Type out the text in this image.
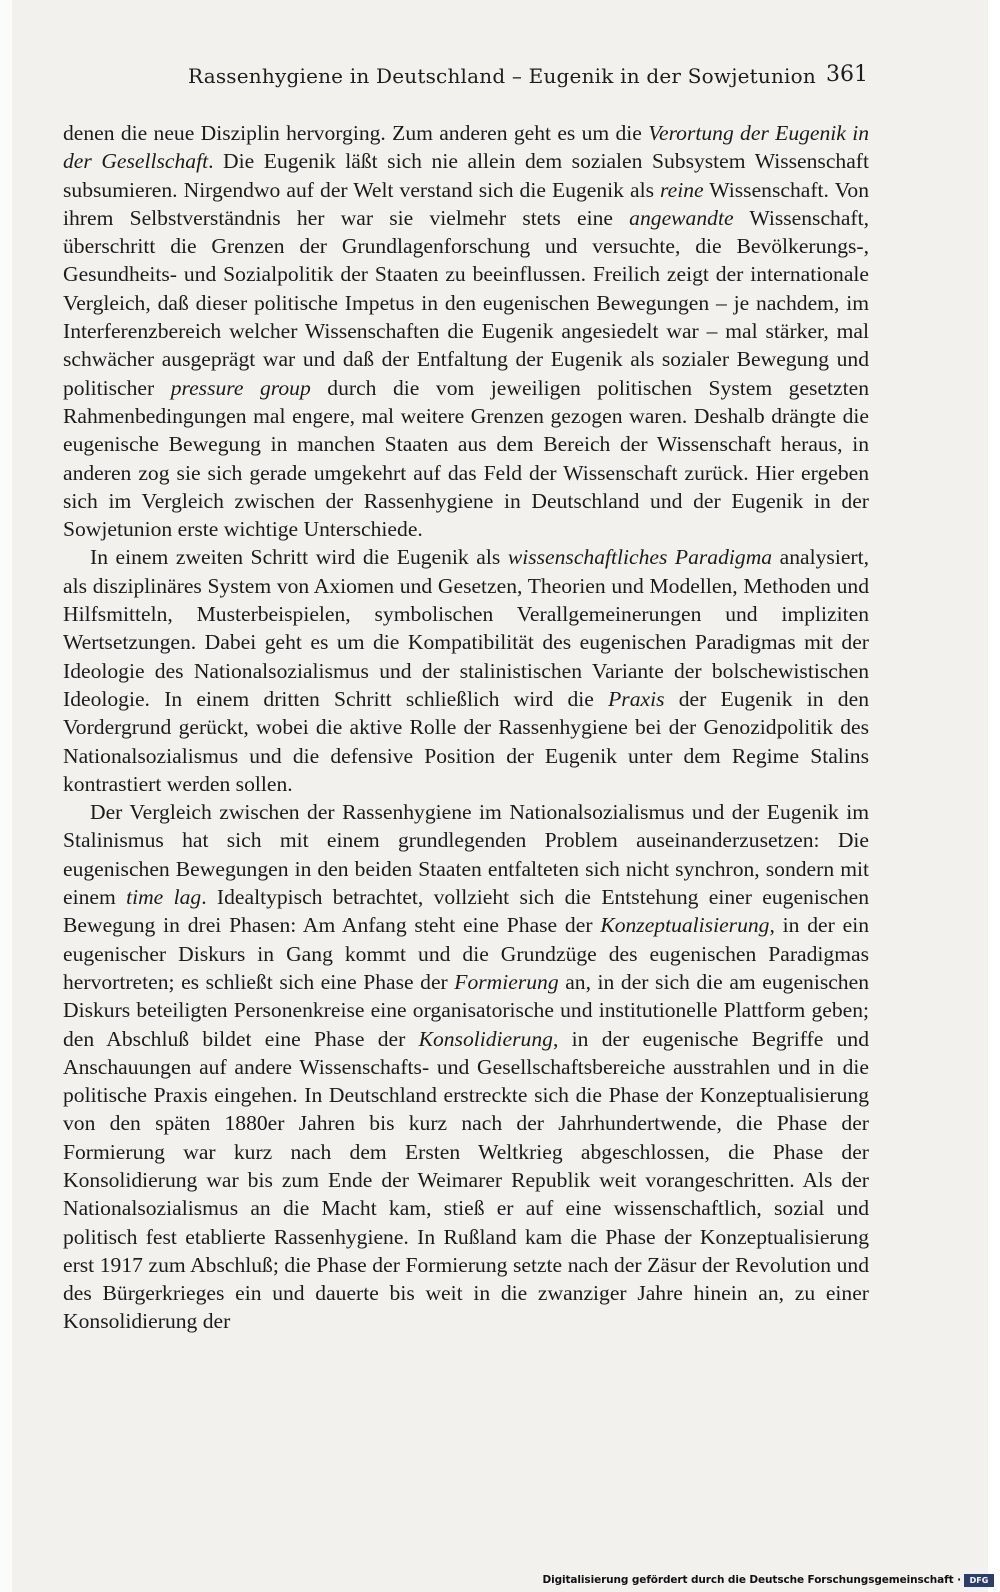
Rassenhygiene in Deutschland – Eugenik in der Sowjetunion 361

denen die neue Disziplin hervorging. Zum anderen geht es um die Verortung der Eugenik in der Gesellschaft. Die Eugenik läßt sich nie allein dem sozialen Subsystem Wissenschaft subsumieren. Nirgendwo auf der Welt verstand sich die Eugenik als reine Wissenschaft. Von ihrem Selbstverständnis her war sie vielmehr stets eine angewandte Wissenschaft, überschritt die Grenzen der Grundlagenforschung und versuchte, die Bevölkerungs-, Gesundheits- und Sozialpolitik der Staaten zu beeinflussen. Freilich zeigt der internationale Vergleich, daß dieser politische Impetus in den eugenischen Bewegungen – je nachdem, im Interferenzbereich welcher Wissenschaften die Eugenik angesiedelt war – mal stärker, mal schwächer ausgeprägt war und daß der Entfaltung der Eugenik als sozialer Bewegung und politischer pressure group durch die vom jeweiligen politischen System gesetzten Rahmenbedingungen mal engere, mal weitere Grenzen gezogen waren. Deshalb drängte die eugenische Bewegung in manchen Staaten aus dem Bereich der Wissenschaft heraus, in anderen zog sie sich gerade umgekehrt auf das Feld der Wissenschaft zurück. Hier ergeben sich im Vergleich zwischen der Rassenhygiene in Deutschland und der Eugenik in der Sowjetunion erste wichtige Unterschiede.

In einem zweiten Schritt wird die Eugenik als wissenschaftliches Paradigma analysiert, als disziplinäres System von Axiomen und Gesetzen, Theorien und Modellen, Methoden und Hilfsmitteln, Musterbeispielen, symbolischen Verallgemeinerungen und impliziten Wertsetzungen. Dabei geht es um die Kompatibilität des eugenischen Paradigmas mit der Ideologie des Nationalsozialismus und der stalinistischen Variante der bolschewistischen Ideologie. In einem dritten Schritt schließlich wird die Praxis der Eugenik in den Vordergrund gerückt, wobei die aktive Rolle der Rassenhygiene bei der Genozidpolitik des Nationalsozialismus und die defensive Position der Eugenik unter dem Regime Stalins kontrastiert werden sollen.

Der Vergleich zwischen der Rassenhygiene im Nationalsozialismus und der Eugenik im Stalinismus hat sich mit einem grundlegenden Problem auseinanderzusetzen: Die eugenischen Bewegungen in den beiden Staaten entfalteten sich nicht synchron, sondern mit einem time lag. Idealtypisch betrachtet, vollzieht sich die Entstehung einer eugenischen Bewegung in drei Phasen: Am Anfang steht eine Phase der Konzeptualisierung, in der ein eugenischer Diskurs in Gang kommt und die Grundzüge des eugenischen Paradigmas hervortreten; es schließt sich eine Phase der Formierung an, in der sich die am eugenischen Diskurs beteiligten Personenkreise eine organisatorische und institutionelle Plattform geben; den Abschluß bildet eine Phase der Konsolidierung, in der eugenische Begriffe und Anschauungen auf andere Wissenschafts- und Gesellschaftsbereiche ausstrahlen und in die politische Praxis eingehen. In Deutschland erstreckte sich die Phase der Konzeptualisierung von den späten 1880er Jahren bis kurz nach der Jahrhundertwende, die Phase der Formierung war kurz nach dem Ersten Weltkrieg abgeschlossen, die Phase der Konsolidierung war bis zum Ende der Weimarer Republik weit vorangeschritten. Als der Nationalsozialismus an die Macht kam, stieß er auf eine wissenschaftlich, sozial und politisch fest etablierte Rassenhygiene. In Rußland kam die Phase der Konzeptualisierung erst 1917 zum Abschluß; die Phase der Formierung setzte nach der Zäsur der Revolution und des Bürgerkrieges ein und dauerte bis weit in die zwanziger Jahre hinein an, zu einer Konsolidierung der

Digitalisierung gefördert durch die Deutsche Forschungsgemeinschaft ·	DFG
